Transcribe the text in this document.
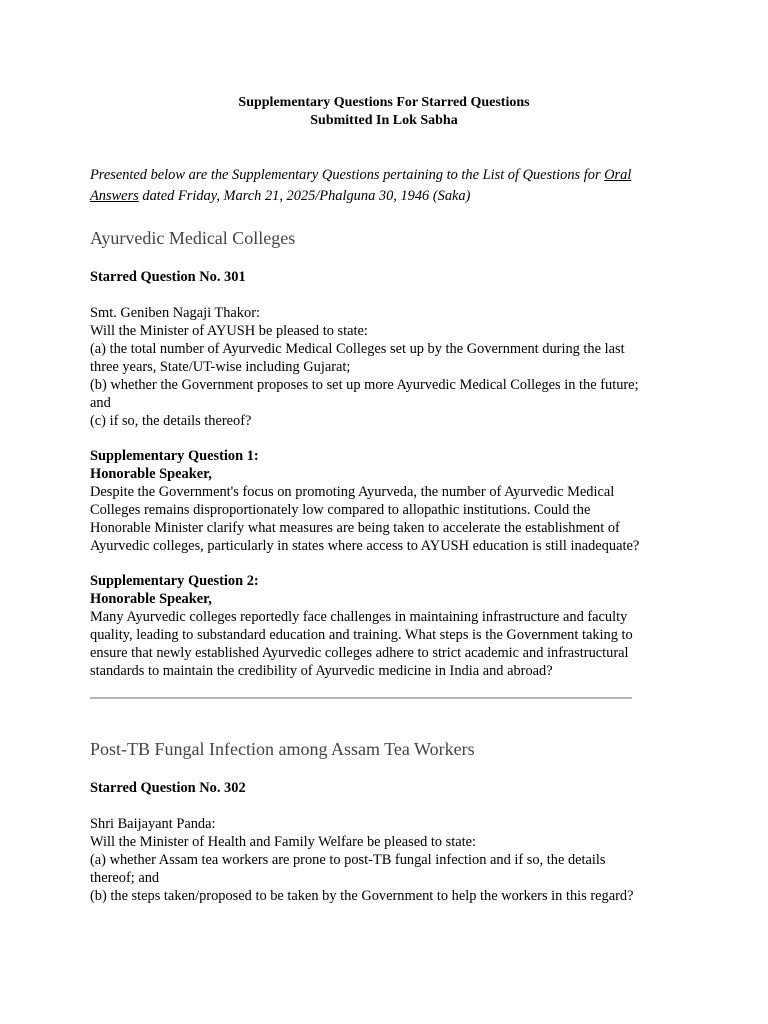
Supplementary Questions For Starred Questions
Submitted In Lok Sabha
Presented below are the Supplementary Questions pertaining to the List of Questions for Oral
Answers dated Friday, March 21, 2025/Phalguna 30, 1946 (Saka)
Ayurvedic Medical Colleges
Starred Question No. 301
Smt. Geniben Nagaji Thakor:
Will the Minister of AYUSH be pleased to state:
(a) the total number of Ayurvedic Medical Colleges set up by the Government during the last
three years, State/UT-wise including Gujarat;
(b) whether the Government proposes to set up more Ayurvedic Medical Colleges in the future;
and
(c) if so, the details thereof?
Supplementary Question 1:
Honorable Speaker,
Despite the Government's focus on promoting Ayurveda, the number of Ayurvedic Medical
Colleges remains disproportionately low compared to allopathic institutions. Could the
Honorable Minister clarify what measures are being taken to accelerate the establishment of
Ayurvedic colleges, particularly in states where access to AYUSH education is still inadequate?
Supplementary Question 2:
Honorable Speaker,
Many Ayurvedic colleges reportedly face challenges in maintaining infrastructure and faculty
quality, leading to substandard education and training. What steps is the Government taking to
ensure that newly established Ayurvedic colleges adhere to strict academic and infrastructural
standards to maintain the credibility of Ayurvedic medicine in India and abroad?
Post-TB Fungal Infection among Assam Tea Workers
Starred Question No. 302
Shri Baijayant Panda:
Will the Minister of Health and Family Welfare be pleased to state:
(a) whether Assam tea workers are prone to post-TB fungal infection and if so, the details
thereof; and
(b) the steps taken/proposed to be taken by the Government to help the workers in this regard?
